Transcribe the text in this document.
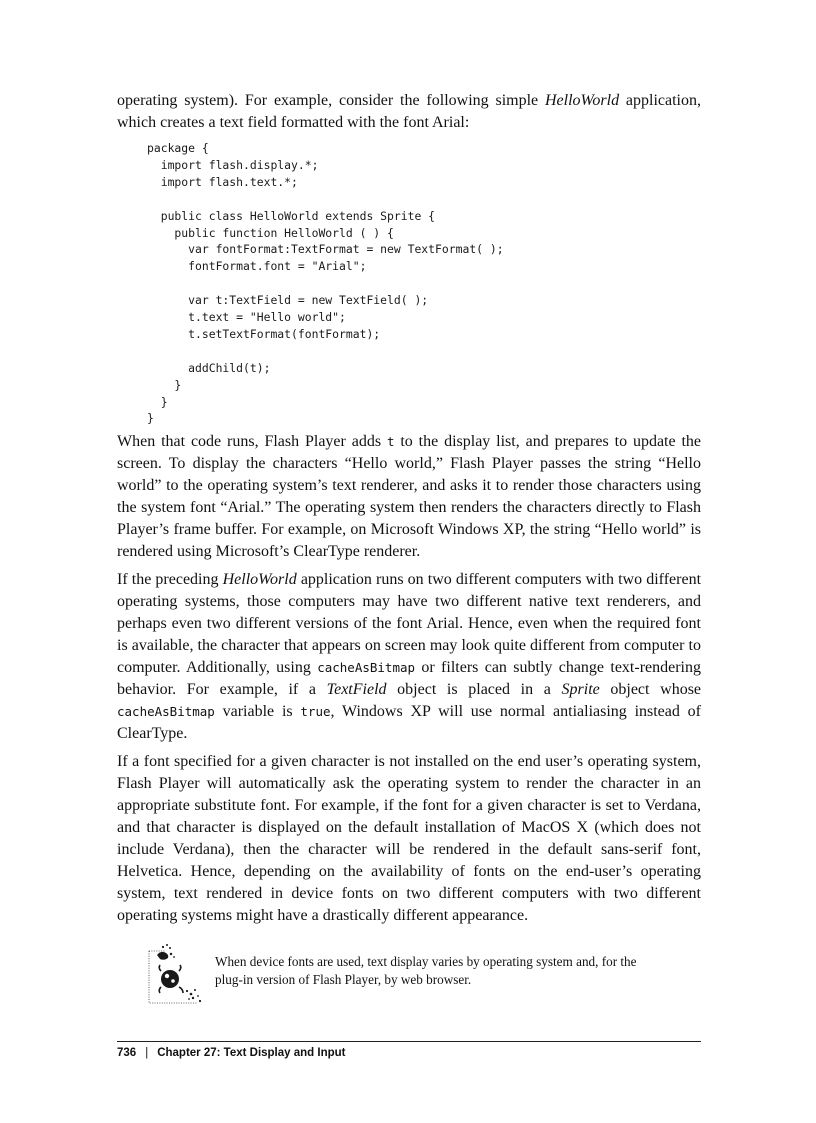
operating system). For example, consider the following simple HelloWorld application, which creates a text field formatted with the font Arial:

package {
import flash.display.*;
import flash.text.*;
public class HelloWorld extends Sprite {
public function HelloWorld ( ) {
var fontFormat:TextFormat = new TextFormat( );
fontFormat.font = "Arial";
var t:TextField = new TextField( );
t.text = "Hello world";
t.setTextFormat(fontFormat);
addChild(t);
}
}
}

When that code runs, Flash Player adds t to the display list, and prepares to update the screen. To display the characters “Hello world,” Flash Player passes the string “Hello world” to the operating system’s text renderer, and asks it to render those characters using the system font “Arial.” The operating system then renders the characters directly to Flash Player’s frame buffer. For example, on Microsoft Windows XP, the string “Hello world” is rendered using Microsoft’s ClearType renderer.

If the preceding HelloWorld application runs on two different computers with two different operating systems, those computers may have two different native text renderers, and perhaps even two different versions of the font Arial. Hence, even when the required font is available, the character that appears on screen may look quite different from computer to computer. Additionally, using cacheAsBitmap or filters can subtly change text-rendering behavior. For example, if a TextField object is placed in a Sprite object whose cacheAsBitmap variable is true, Windows XP will use normal antialiasing instead of ClearType.

If a font specified for a given character is not installed on the end user’s operating system, Flash Player will automatically ask the operating system to render the character in an appropriate substitute font. For example, if the font for a given character is set to Verdana, and that character is displayed on the default installation of MacOS X (which does not include Verdana), then the character will be rendered in the default sans-serif font, Helvetica. Hence, depending on the availability of fonts on the end-user’s operating system, text rendered in device fonts on two different computers with two different operating systems might have a drastically different appearance.

When device fonts are used, text display varies by operating system and, for the plug-in version of Flash Player, by web browser.
736 | Chapter 27: Text Display and Input
